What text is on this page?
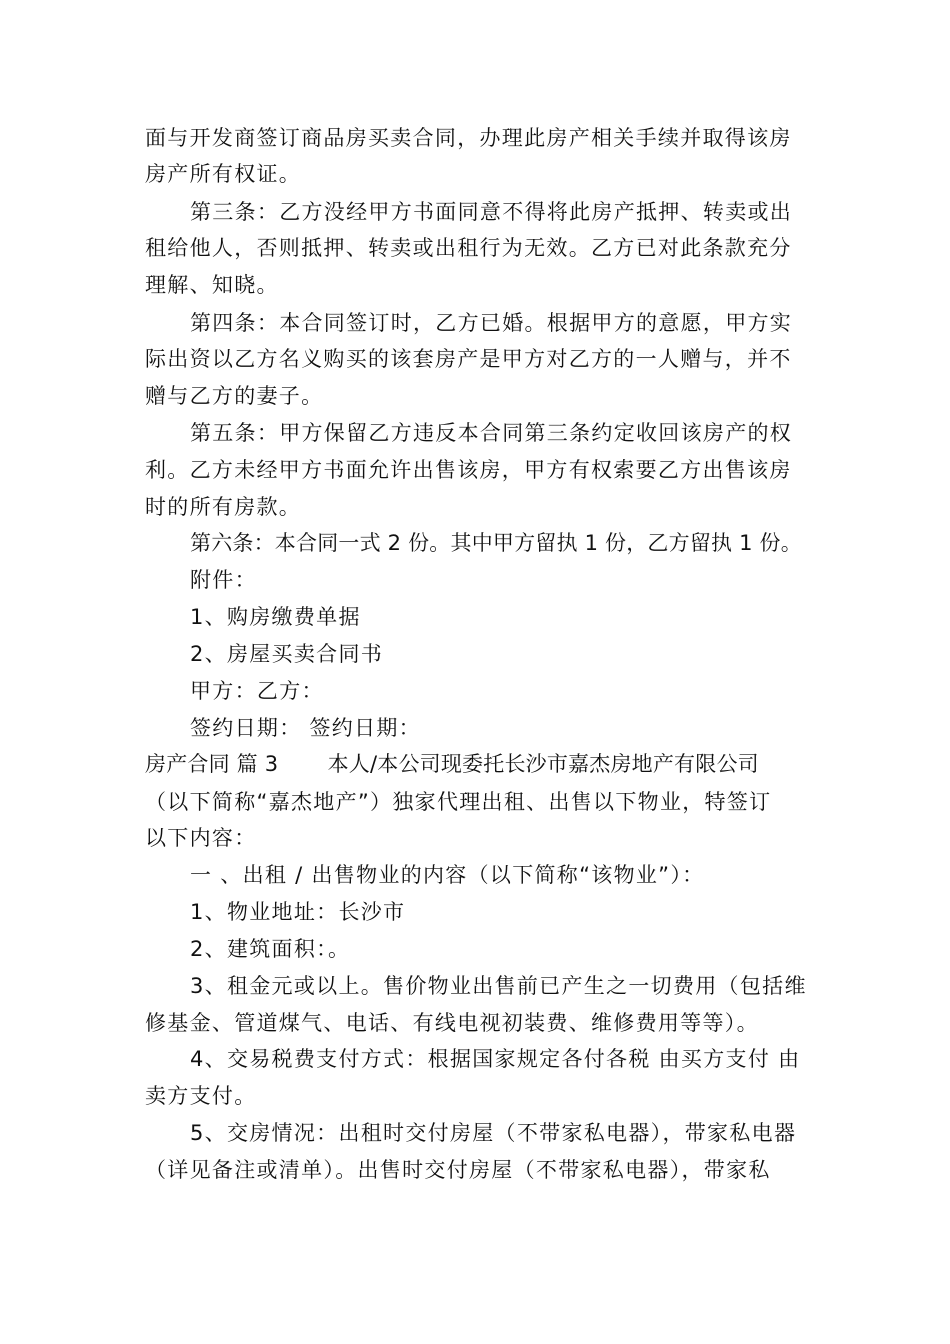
面与开发商签订商品房买卖合同，办理此房产相关手续并取得该房
房产所有权证。
第三条：乙方没经甲方书面同意不得将此房产抵押、转卖或出
租给他人，否则抵押、转卖或出租行为无效。乙方已对此条款充分
理解、知晓。
第四条：本合同签订时，乙方已婚。根据甲方的意愿，甲方实
际出资以乙方名义购买的该套房产是甲方对乙方的一人赠与，并不
赠与乙方的妻子。
第五条：甲方保留乙方违反本合同第三条约定收回该房产的权
利。乙方未经甲方书面允许出售该房，甲方有权索要乙方出售该房
时的所有房款。
第六条：本合同一式 2 份。其中甲方留执 1 份，乙方留执 1 份。
附件：
1、购房缴费单据
2、房屋买卖合同书
甲方：乙方：
签约日期： 签约日期：
房产合同 篇 3 　　本人/本公司现委托长沙市嘉杰房地产有限公司
（以下简称“嘉杰地产”）独家代理出租、出售以下物业，特签订
以下内容：
一 、出租 / 出售物业的内容（以下简称“该物业”）：
1、物业地址：长沙市
2、建筑面积：。
3、租金元或以上。售价物业出售前已产生之一切费用（包括维
修基金、管道煤气、电话、有线电视初装费、维修费用等等）。
4、交易税费支付方式：根据国家规定各付各税 由买方支付 由
卖方支付。
5、交房情况：出租时交付房屋（不带家私电器），带家私电器
（详见备注或清单）。出售时交付房屋（不带家私电器），带家私
